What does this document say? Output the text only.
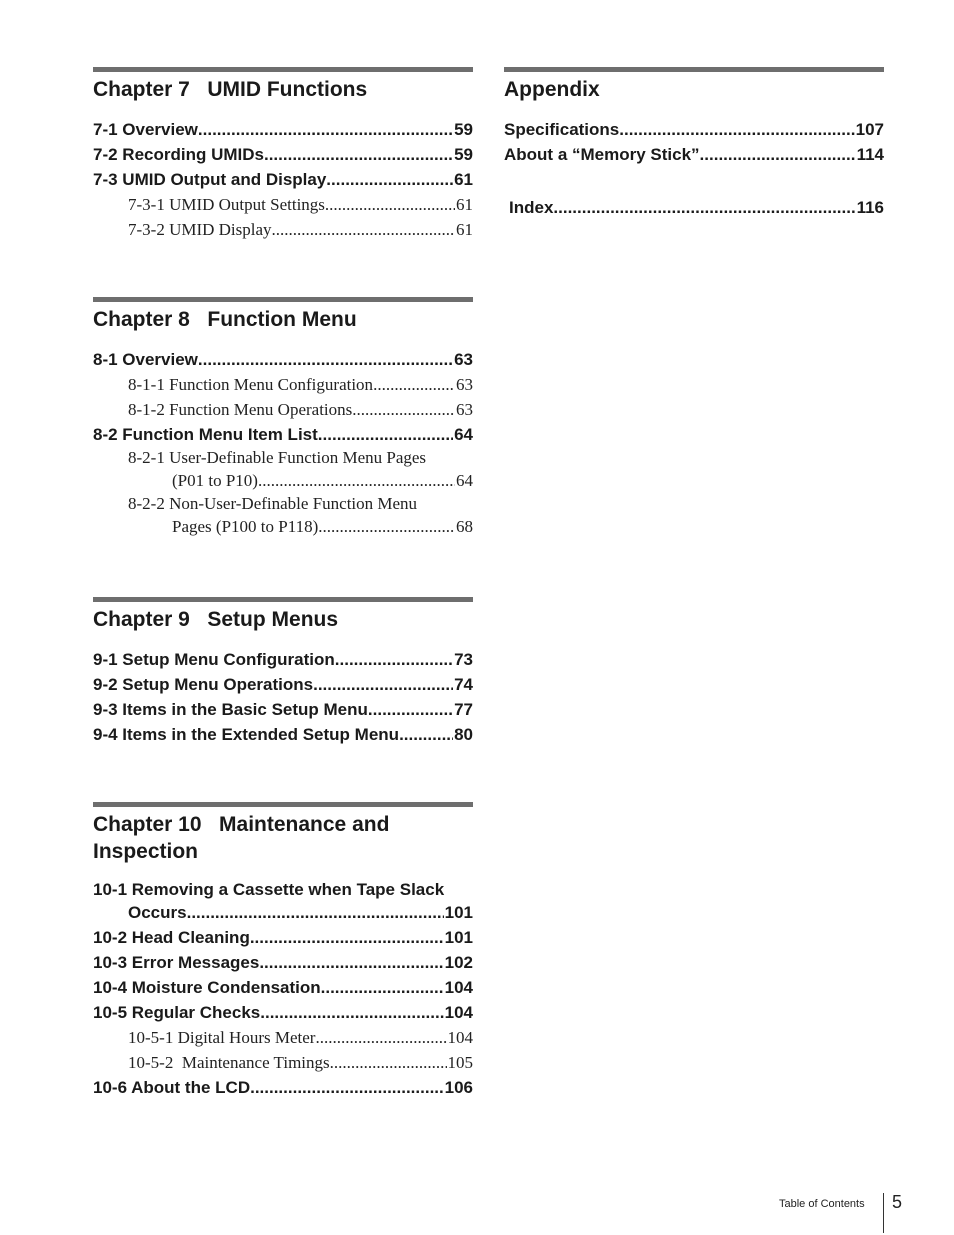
Chapter 7   UMID Functions
7-1 Overview .....	59
7-2 Recording UMIDs .....	59
7-3 UMID Output and Display .....	61
7-3-1 UMID Output Settings .....	61
7-3-2 UMID Display .....	61
Chapter 8   Function Menu
8-1 Overview .....	63
8-1-1 Function Menu Configuration .....	63
8-1-2 Function Menu Operations .....	63
8-2 Function Menu Item List .....	64
8-2-1 User-Definable Function Menu Pages
(P01 to P10) .....	64
8-2-2 Non-User-Definable Function Menu
Pages (P100 to P118) .....	68
Chapter 9   Setup Menus
9-1 Setup Menu Configuration .....	73
9-2 Setup Menu Operations .....	74
9-3 Items in the Basic Setup Menu .....	77
9-4 Items in the Extended Setup Menu .....	80
Chapter 10   Maintenance and
Inspection
10-1 Removing a Cassette when Tape Slack
Occurs .....	101
10-2 Head Cleaning .....	101
10-3 Error Messages .....	102
10-4 Moisture Condensation .....	104
10-5 Regular Checks .....	104
10-5-1 Digital Hours Meter .....	104
10-5-2  Maintenance Timings .....	105
10-6 About the LCD .....	106
Appendix
Specifications .....	107
About a “Memory Stick” .....	114
Index .....	116
Table of Contents 5
